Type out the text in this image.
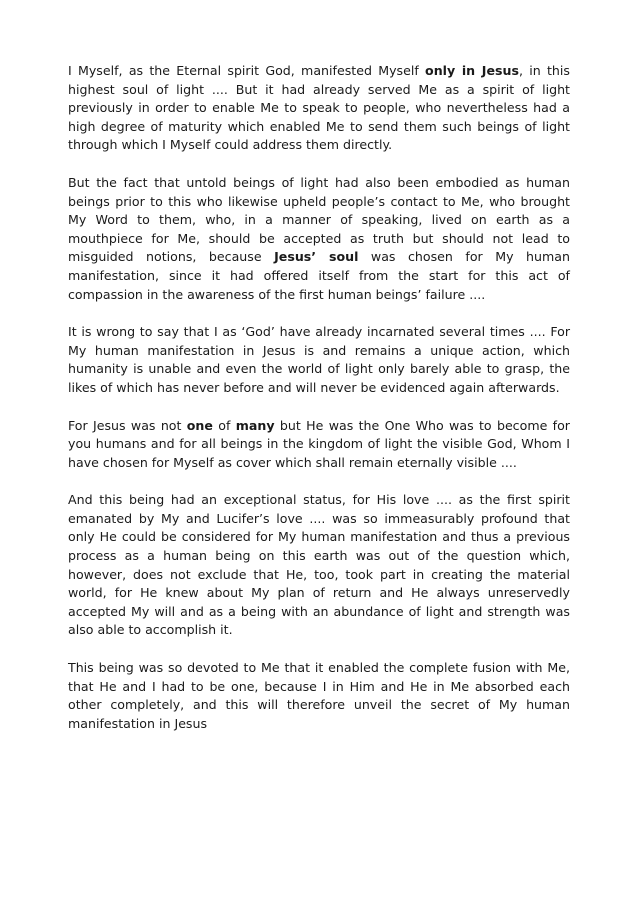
I Myself, as the Eternal spirit God, manifested Myself only in Jesus, in this highest soul of light .... But it had already served Me as a spirit of light previously in order to enable Me to speak to people, who nevertheless had a high degree of maturity which enabled Me to send them such beings of light through which I Myself could address them directly.

But the fact that untold beings of light had also been embodied as human beings prior to this who likewise upheld people’s contact to Me, who brought My Word to them, who, in a manner of speaking, lived on earth as a mouthpiece for Me, should be accepted as truth but should not lead to misguided notions, because Jesus’ soul was chosen for My human manifestation, since it had offered itself from the start for this act of compassion in the awareness of the first human beings’ failure ....

It is wrong to say that I as ‘God’ have already incarnated several times .... For My human manifestation in Jesus is and remains a unique action, which humanity is unable and even the world of light only barely able to grasp, the likes of which has never before and will never be evidenced again afterwards.

For Jesus was not one of many but He was the One Who was to become for you humans and for all beings in the kingdom of light the visible God, Whom I have chosen for Myself as cover which shall remain eternally visible ....

And this being had an exceptional status, for His love .... as the first spirit emanated by My and Lucifer’s love .... was so immeasurably profound that only He could be considered for My human manifestation and thus a previous process as a human being on this earth was out of the question which, however, does not exclude that He, too, took part in creating the material world, for He knew about My plan of return and He always unreservedly accepted My will and as a being with an abundance of light and strength was also able to accomplish it.

This being was so devoted to Me that it enabled the complete fusion with Me, that He and I had to be one, because I in Him and He in Me absorbed each other completely, and this will therefore unveil the secret of My human manifestation in Jesus
